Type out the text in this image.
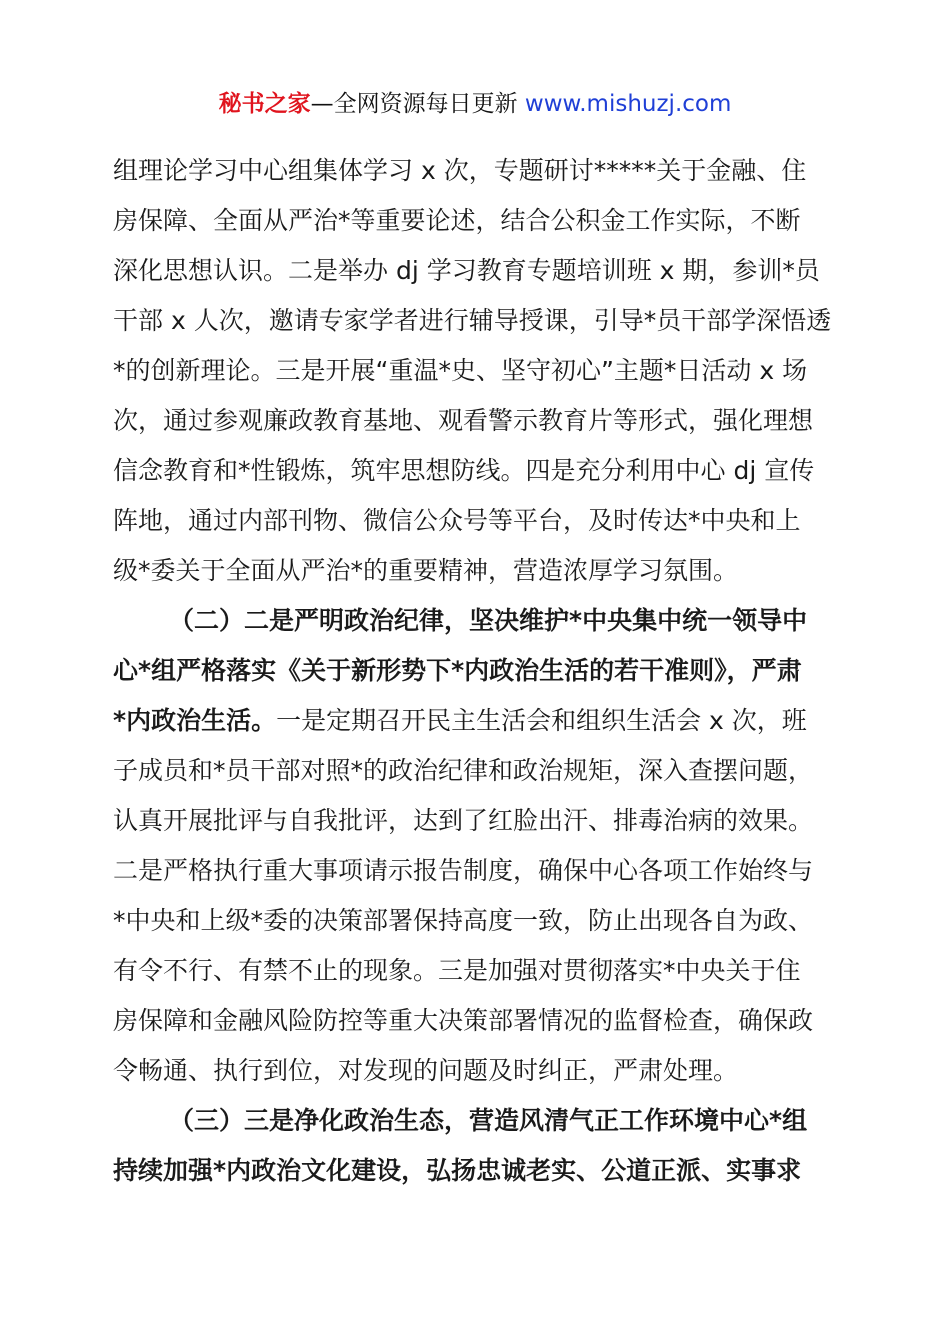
秘书之家—全网资源每日更新 www.mishuzj.com
组理论学习中心组集体学习 x 次，专题研讨*****关于金融、住
房保障、全面从严治*等重要论述，结合公积金工作实际，不断
深化思想认识。二是举办 dj 学习教育专题培训班 x 期，参训*员
干部 x 人次，邀请专家学者进行辅导授课，引导*员干部学深悟透
*的创新理论。三是开展“重温*史、坚守初心”主题*日活动 x 场
次，通过参观廉政教育基地、观看警示教育片等形式，强化理想
信念教育和*性锻炼，筑牢思想防线。四是充分利用中心 dj 宣传
阵地，通过内部刊物、微信公众号等平台，及时传达*中央和上
级*委关于全面从严治*的重要精神，营造浓厚学习氛围。
（二）二是严明政治纪律，坚决维护*中央集中统一领导中
心*组严格落实《关于新形势下*内政治生活的若干准则》，严肃
*内政治生活。一是定期召开民主生活会和组织生活会 x 次，班
子成员和*员干部对照*的政治纪律和政治规矩，深入查摆问题，
认真开展批评与自我批评，达到了红脸出汗、排毒治病的效果。
二是严格执行重大事项请示报告制度，确保中心各项工作始终与
*中央和上级*委的决策部署保持高度一致，防止出现各自为政、
有令不行、有禁不止的现象。三是加强对贯彻落实*中央关于住
房保障和金融风险防控等重大决策部署情况的监督检查，确保政
令畅通、执行到位，对发现的问题及时纠正，严肃处理。
（三）三是净化政治生态，营造风清气正工作环境中心*组
持续加强*内政治文化建设，弘扬忠诚老实、公道正派、实事求
